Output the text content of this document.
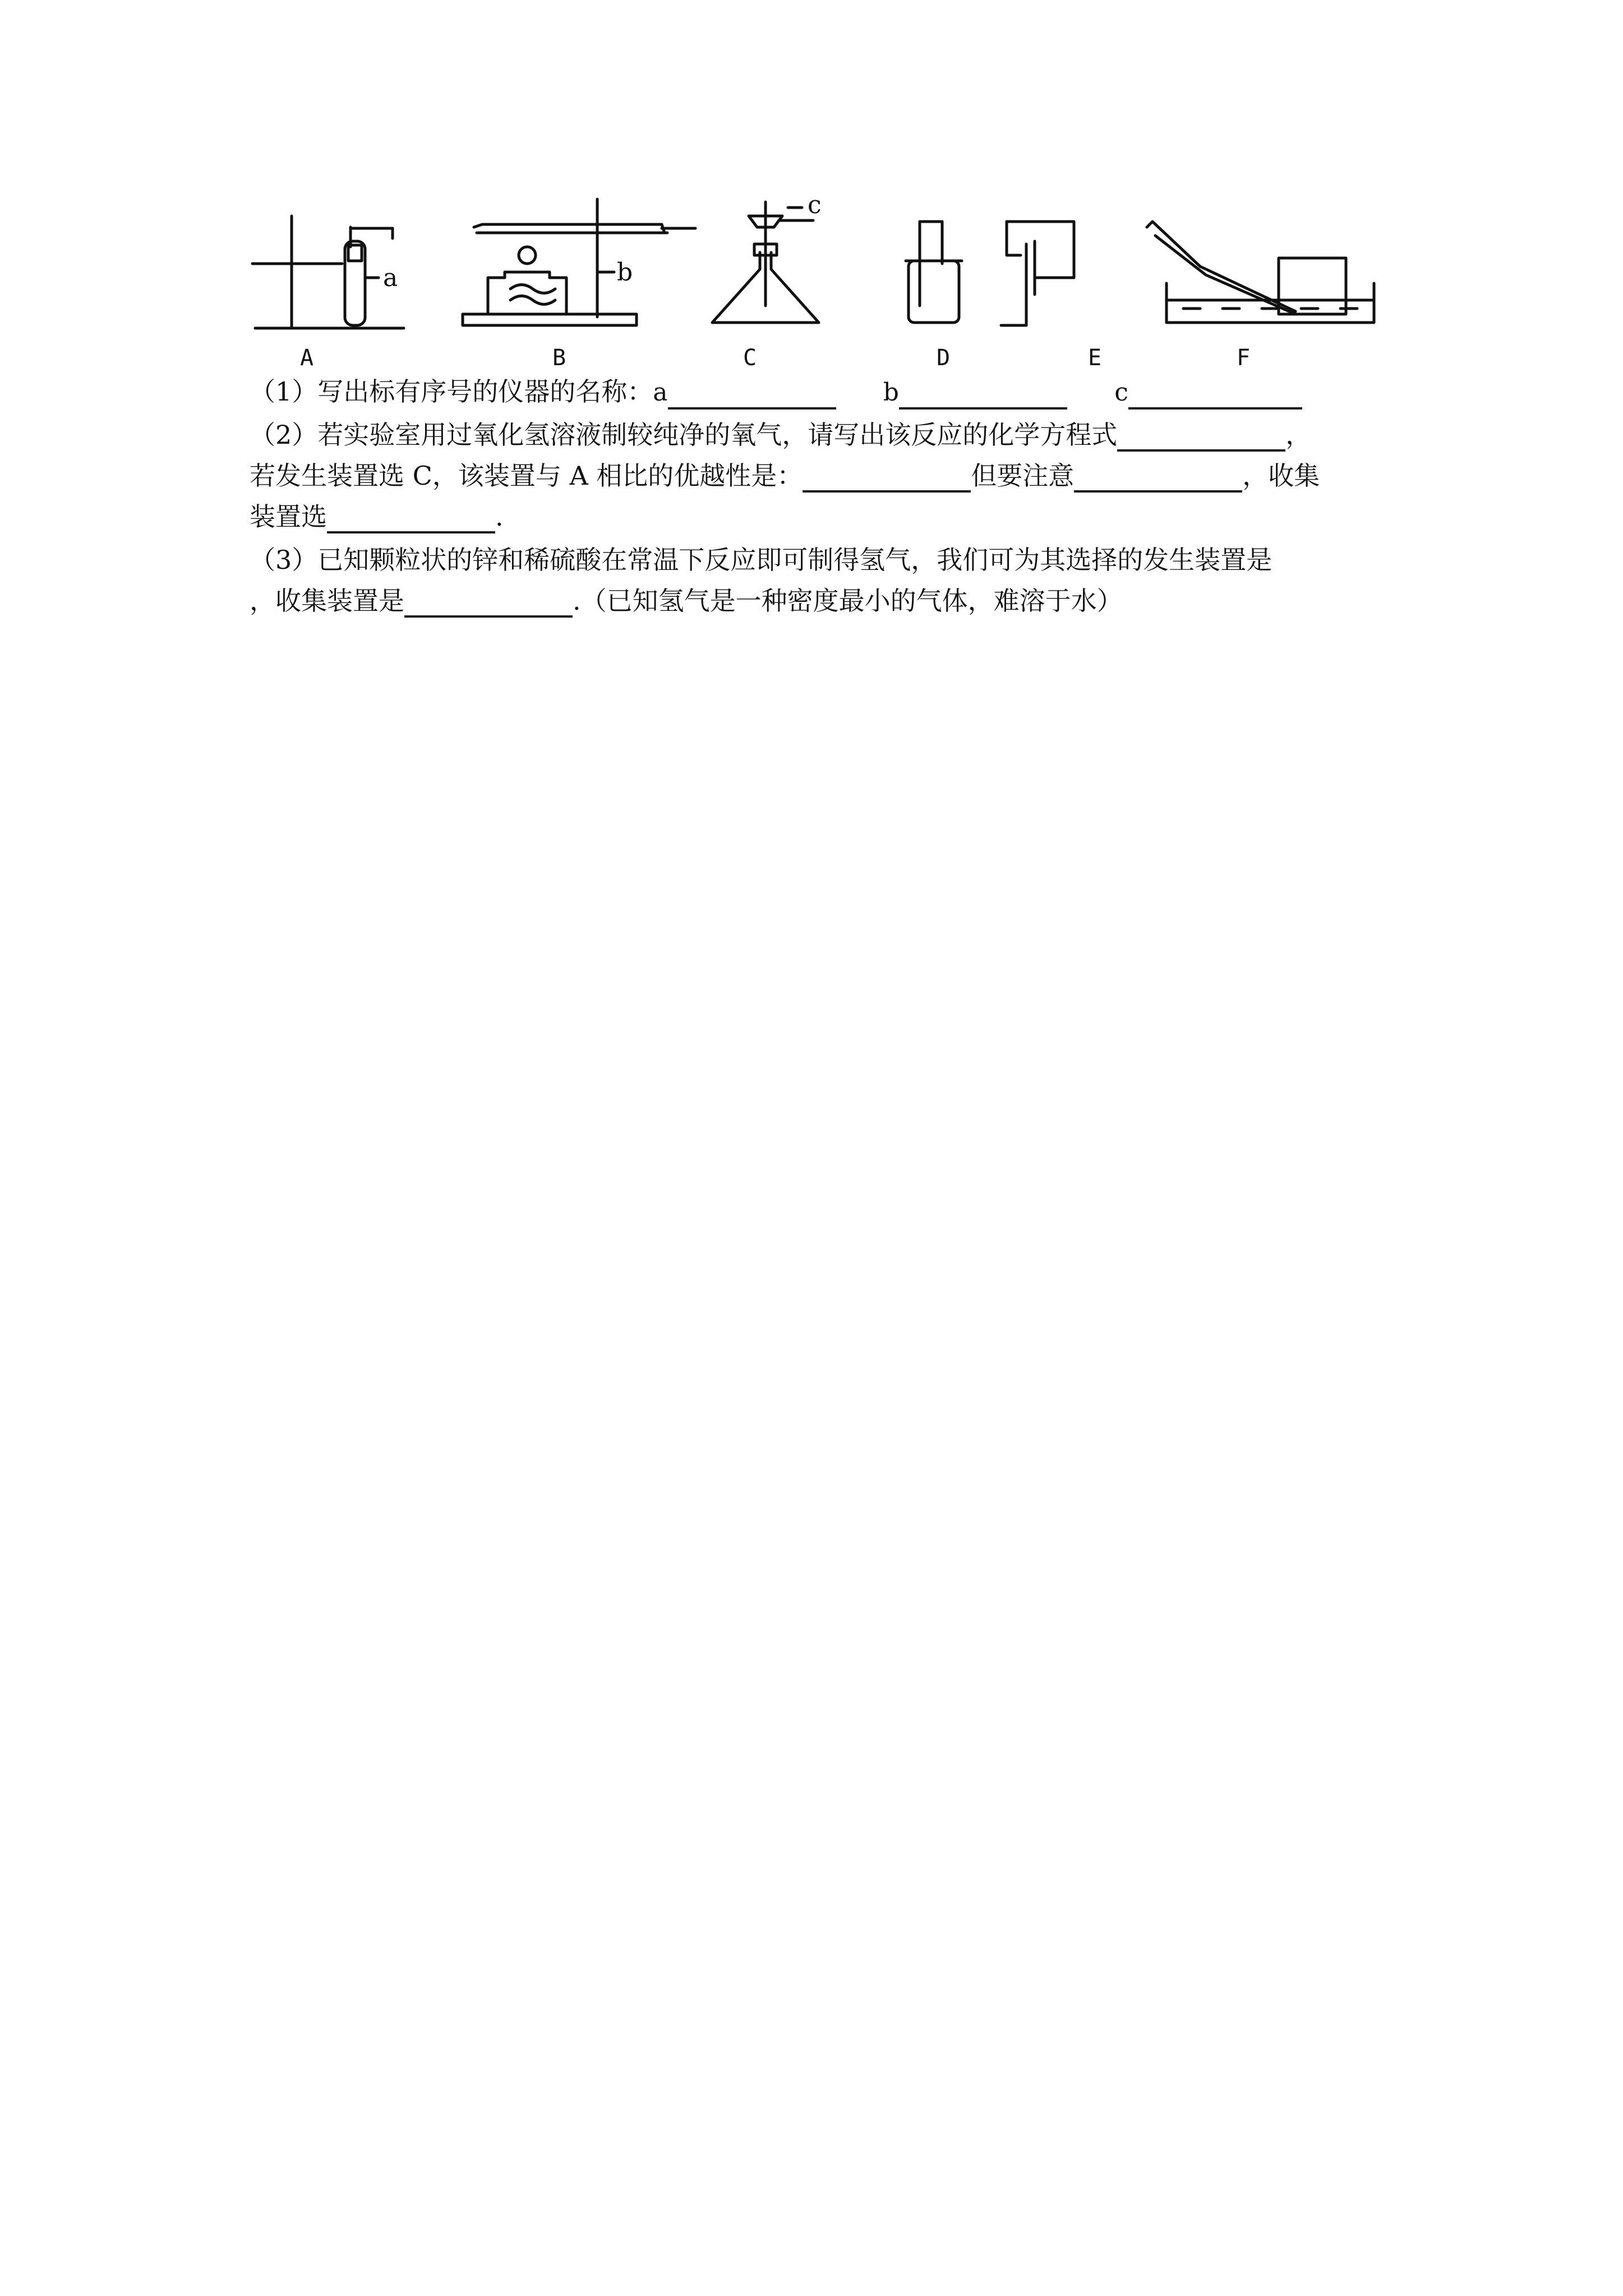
a	b
c
A	B	C	D	E	F
（1）写出标有序号的仪器的名称：a	b	c
（2）若实验室用过氧化氢溶液制较纯净的氧气，请写出该反应的化学方程式	，
若发生装置选 C，该装置与 A 相比的优越性是：	但要注意	，收集
装置选	.
（3）已知颗粒状的锌和稀硫酸在常温下反应即可制得氢气，我们可为其选择的发生装置是
，收集装置是	.（已知氢气是一种密度最小的气体，难溶于水）
